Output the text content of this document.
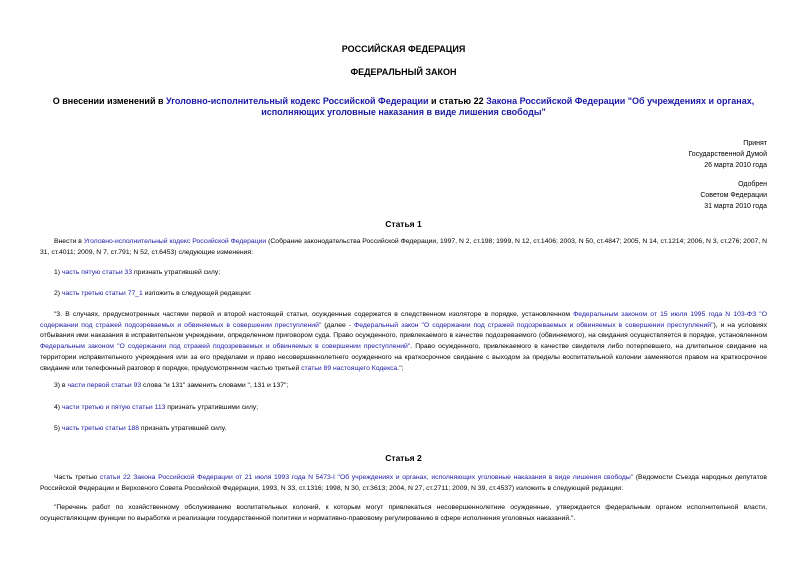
РОССИЙСКАЯ ФЕДЕРАЦИЯ
ФЕДЕРАЛЬНЫЙ ЗАКОН
О внесении изменений в Уголовно-исполнительный кодекс Российской Федерации и статью 22 Закона Российской Федерации "Об учреждениях и органах, исполняющих уголовные наказания в виде лишения свободы"
Принят
Государственной Думой
26 марта 2010 года
Одобрен
Советом Федерации
31 марта 2010 года
Статья 1
Внести в Уголовно-исполнительный кодекс Российской Федерации (Собрание законодательства Российской Федерации, 1997, N 2, ст.198; 1999, N 12, ст.1406; 2003, N 50, ст.4847; 2005, N 14, ст.1214; 2006, N 3, ст.276; 2007, N 31, ст.4011; 2009, N 7, ст.791; N 52, ст.6453) следующие изменения:
1) часть пятую статьи 33 признать утратившей силу;
2) часть третью статьи 77_1 изложить в следующей редакции:
"3. В случаях, предусмотренных частями первой и второй настоящей статьи, осужденные содержатся в следственном изоляторе в порядке, установленном Федеральным законом от 15 июля 1995 года N 103-ФЗ "О содержании под стражей подозреваемых и обвиняемых в совершении преступлений" (далее - Федеральный закон "О содержании под стражей подозреваемых и обвиняемых в совершении преступлений"), и на условиях отбывания ими наказания в исправительном учреждении, определенном приговором суда. Право осужденного, привлекаемого в качестве подозреваемого (обвиняемого), на свидания осуществляется в порядке, установленном Федеральным законом "О содержании под стражей подозреваемых и обвиняемых в совершении преступлений". Право осужденного, привлекаемого в качестве свидетеля либо потерпевшего, на длительное свидание на территории исправительного учреждения или за его пределами и право несовершеннолетнего осужденного на краткосрочное свидание с выходом за пределы воспитательной колонии заменяются правом на краткосрочное свидание или телефонный разговор в порядке, предусмотренном частью третьей статьи 89 настоящего Кодекса.";
3) в части первой статьи 93 слова "и 131" заменить словами ", 131 и 137";
4) части третью и пятую статьи 113 признать утратившими силу;
5) часть третью статьи 188 признать утратившей силу.
Статья 2
Часть третью статьи 22 Закона Российской Федерации от 21 июля 1993 года N 5473-I "Об учреждениях и органах, исполняющих уголовные наказания в виде лишения свободы" (Ведомости Съезда народных депутатов Российской Федерации и Верховного Совета Российской Федерации, 1993, N 33, ст.1316; 1998, N 30, ст.3613; 2004, N 27, ст.2711; 2009, N 39, ст.4537) изложить в следующей редакции:
"Перечень работ по хозяйственному обслуживанию воспитательных колоний, к которым могут привлекаться несовершеннолетние осужденные, утверждается федеральным органом исполнительной власти, осуществляющим функции по выработке и реализации государственной политики и нормативно-правовому регулированию в сфере исполнения уголовных наказаний.".
